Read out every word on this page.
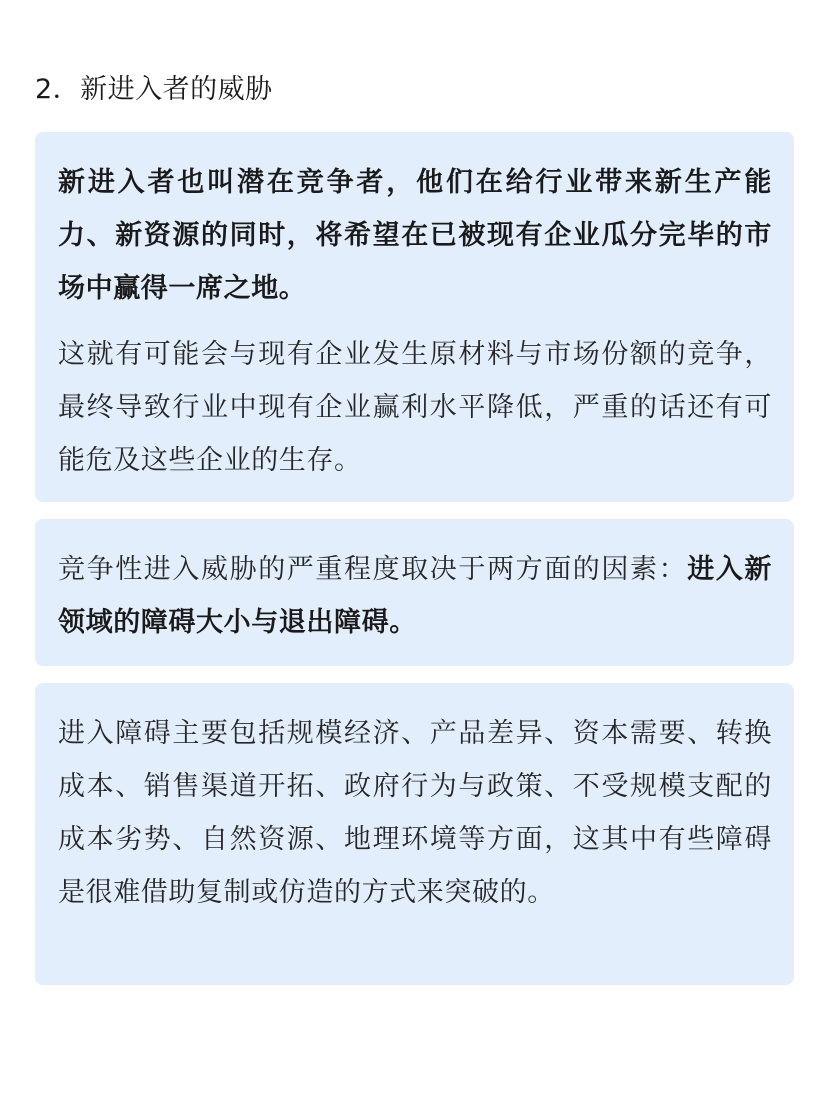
2．新进入者的威胁

新进入者也叫潜在竞争者，他们在给行业带来新生产能力、新资源的同时，将希望在已被现有企业瓜分完毕的市场中赢得一席之地。

这就有可能会与现有企业发生原材料与市场份额的竞争，最终导致行业中现有企业赢利水平降低，严重的话还有可能危及这些企业的生存。

竞争性进入威胁的严重程度取决于两方面的因素：进入新领域的障碍大小与退出障碍。

进入障碍主要包括规模经济、产品差异、资本需要、转换成本、销售渠道开拓、政府行为与政策、不受规模支配的成本劣势、自然资源、地理环境等方面，这其中有些障碍是很难借助复制或仿造的方式来突破的。
